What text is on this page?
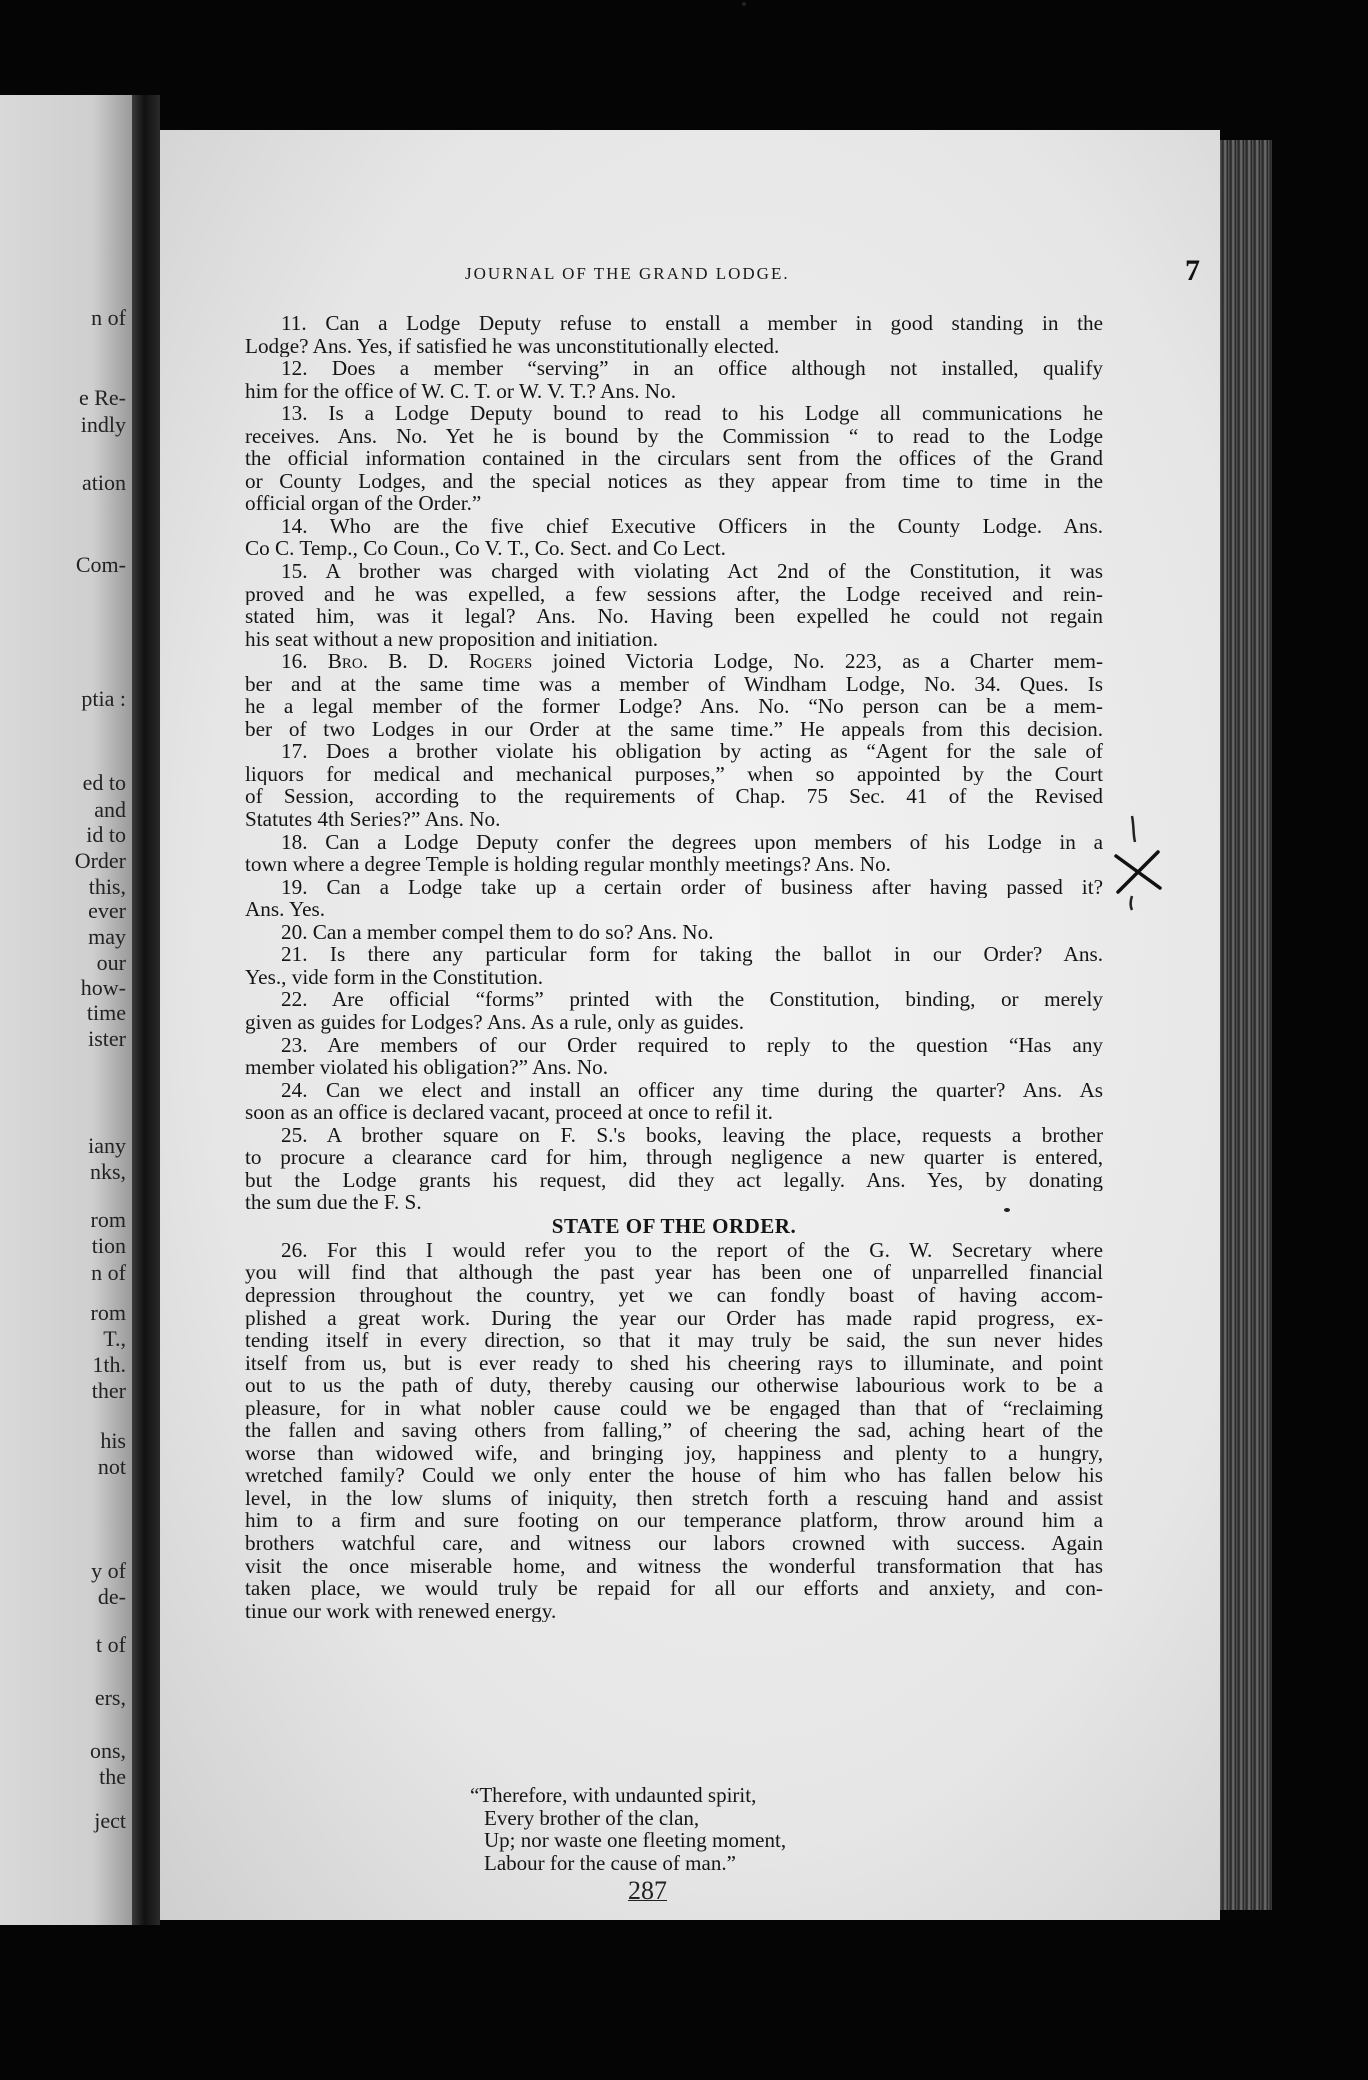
n of
e Re-
indly
ation
Com-
ptia :
ed to
and
id to
Order
this,
ever
may
our
how-
time
ister
iany
nks,
rom
tion
n of
rom
T.,
1th.
ther
his
not
y of
de-
t of
ers,
ons,
the
ject
JOURNAL OF THE GRAND LODGE.	7
11. Can a Lodge Deputy refuse to enstall a member in good standing in the
Lodge? Ans. Yes, if satisfied he was unconstitutionally elected.
12. Does a member “serving” in an office although not installed, qualify
him for the office of W. C. T. or W. V. T.? Ans. No.
13. Is a Lodge Deputy bound to read to his Lodge all communications he
receives. Ans. No. Yet he is bound by the Commission “ to read to the Lodge
the official information contained in the circulars sent from the offices of the Grand
or County Lodges, and the special notices as they appear from time to time in the
official organ of the Order.”
14. Who are the five chief Executive Officers in the County Lodge. Ans.
Co C. Temp., Co Coun., Co V. T., Co. Sect. and Co Lect.
15. A brother was charged with violating Act 2nd of the Constitution, it was
proved and he was expelled, a few sessions after, the Lodge received and rein-
stated him, was it legal? Ans. No. Having been expelled he could not regain
his seat without a new proposition and initiation.
16. Bro. B. D. Rogers joined Victoria Lodge, No. 223, as a Charter mem-
ber and at the same time was a member of Windham Lodge, No. 34. Ques. Is
he a legal member of the former Lodge? Ans. No. “No person can be a mem-
ber of two Lodges in our Order at the same time.” He appeals from this decision.
17. Does a brother violate his obligation by acting as “Agent for the sale of
liquors for medical and mechanical purposes,” when so appointed by the Court
of Session, according to the requirements of Chap. 75 Sec. 41 of the Revised
Statutes 4th Series?” Ans. No.
18. Can a Lodge Deputy confer the degrees upon members of his Lodge in a
town where a degree Temple is holding regular monthly meetings? Ans. No.
19. Can a Lodge take up a certain order of business after having passed it?
Ans. Yes.
20. Can a member compel them to do so? Ans. No.
21. Is there any particular form for taking the ballot in our Order? Ans.
Yes., vide form in the Constitution.
22. Are official “forms” printed with the Constitution, binding, or merely
given as guides for Lodges? Ans. As a rule, only as guides.
23. Are members of our Order required to reply to the question “Has any
member violated his obligation?” Ans. No.
24. Can we elect and install an officer any time during the quarter? Ans. As
soon as an office is declared vacant, proceed at once to refil it.
25. A brother square on F. S.'s books, leaving the place, requests a brother
to procure a clearance card for him, through negligence a new quarter is entered,
but the Lodge grants his request, did they act legally. Ans. Yes, by donating
the sum due the F. S.
STATE OF THE ORDER.
26. For this I would refer you to the report of the G. W. Secretary where
you will find that although the past year has been one of unparrelled financial
depression throughout the country, yet we can fondly boast of having accom-
plished a great work. During the year our Order has made rapid progress, ex-
tending itself in every direction, so that it may truly be said, the sun never hides
itself from us, but is ever ready to shed his cheering rays to illuminate, and point
out to us the path of duty, thereby causing our otherwise labourious work to be a
pleasure, for in what nobler cause could we be engaged than that of “reclaiming
the fallen and saving others from falling,” of cheering the sad, aching heart of the
worse than widowed wife, and bringing joy, happiness and plenty to a hungry,
wretched family? Could we only enter the house of him who has fallen below his
level, in the low slums of iniquity, then stretch forth a rescuing hand and assist
him to a firm and sure footing on our temperance platform, throw around him a
brothers watchful care, and witness our labors crowned with success. Again
visit the once miserable home, and witness the wonderful transformation that has
taken place, we would truly be repaid for all our efforts and anxiety, and con-
tinue our work with renewed energy.
“Therefore, with undaunted spirit,
Every brother of the clan,
Up; nor waste one fleeting moment,
Labour for the cause of man.”
287
